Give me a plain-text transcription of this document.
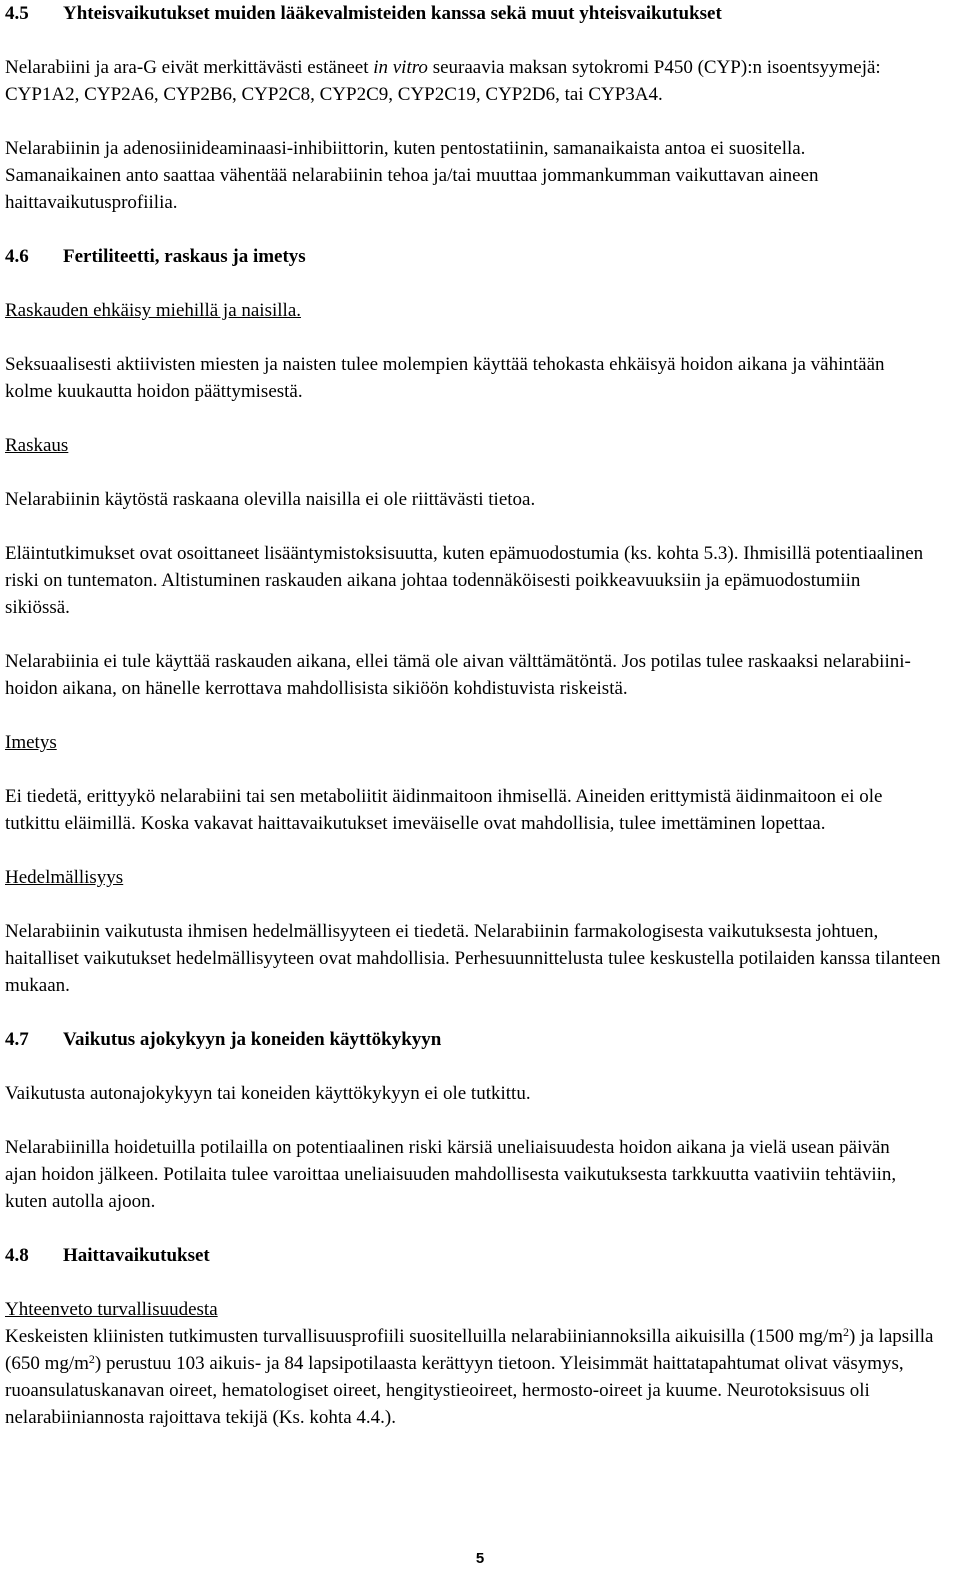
4.5 Yhteisvaikutukset muiden lääkevalmisteiden kanssa sekä muut yhteisvaikutukset

Nelarabiini ja ara-G eivät merkittävästi estäneet in vitro seuraavia maksan sytokromi P450 (CYP):n isoentsyymejä: CYP1A2, CYP2A6, CYP2B6, CYP2C8, CYP2C9, CYP2C19, CYP2D6, tai CYP3A4.

Nelarabiinin ja adenosiinideaminaasi-inhibiittorin, kuten pentostatiinin, samanaikaista antoa ei suositella. Samanaikainen anto saattaa vähentää nelarabiinin tehoa ja/tai muuttaa jommankumman vaikuttavan aineen haittavaikutusprofiilia.

4.6 Fertiliteetti, raskaus ja imetys

Raskauden ehkäisy miehillä ja naisilla.

Seksuaalisesti aktiivisten miesten ja naisten tulee molempien käyttää tehokasta ehkäisyä hoidon aikana ja vähintään kolme kuukautta hoidon päättymisestä.

Raskaus

Nelarabiinin käytöstä raskaana olevilla naisilla ei ole riittävästi tietoa.

Eläintutkimukset ovat osoittaneet lisääntymistoksisuutta, kuten epämuodostumia (ks. kohta 5.3). Ihmisillä potentiaalinen riski on tuntematon. Altistuminen raskauden aikana johtaa todennäköisesti poikkeavuuksiin ja epämuodostumiin sikiössä.

Nelarabiinia ei tule käyttää raskauden aikana, ellei tämä ole aivan välttämätöntä. Jos potilas tulee raskaaksi nelarabiini-hoidon aikana, on hänelle kerrottava mahdollisista sikiöön kohdistuvista riskeistä.

Imetys

Ei tiedetä, erittyykö nelarabiini tai sen metaboliitit äidinmaitoon ihmisellä. Aineiden erittymistä äidinmaitoon ei ole tutkittu eläimillä. Koska vakavat haittavaikutukset imeväiselle ovat mahdollisia, tulee imettäminen lopettaa.

Hedelmällisyys

Nelarabiinin vaikutusta ihmisen hedelmällisyyteen ei tiedetä. Nelarabiinin farmakologisesta vaikutuksesta johtuen, haitalliset vaikutukset hedelmällisyyteen ovat mahdollisia. Perhesuunnittelusta tulee keskustella potilaiden kanssa tilanteen mukaan.

4.7 Vaikutus ajokykyyn ja koneiden käyttökykyyn

Vaikutusta autonajokykyyn tai koneiden käyttökykyyn ei ole tutkittu.

Nelarabiinilla hoidetuilla potilailla on potentiaalinen riski kärsiä uneliaisuudesta hoidon aikana ja vielä usean päivän ajan hoidon jälkeen. Potilaita tulee varoittaa uneliaisuuden mahdollisesta vaikutuksesta tarkkuutta vaativiin tehtäviin, kuten autolla ajoon.

4.8 Haittavaikutukset

Yhteenveto turvallisuudesta

Keskeisten kliinisten tutkimusten turvallisuusprofiili suositelluilla nelarabiiniannoksilla aikuisilla (1500 $mg/m^2$) ja lapsilla (650 $mg/m^2$) perustuu 103 aikuis- ja 84 lapsipotilaasta kerättyyn tietoon. Yleisimmät haittatapahtumat olivat väsymys, ruoansulatuskanavan oireet, hematologiset oireet, hengitystieoireet, hermosto-oireet ja kuume. Neurotoksisuus oli nelarabiiniannosta rajoittava tekijä (Ks. kohta 4.4.).

5
